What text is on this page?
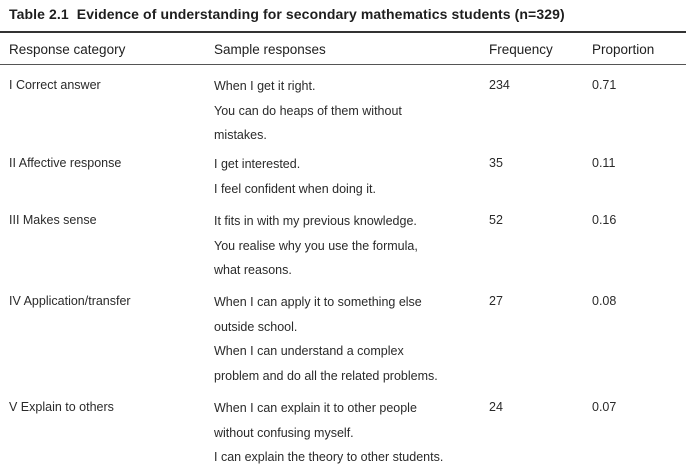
Table 2.1 Evidence of understanding for secondary mathematics students (n=329)
Response category	Sample responses	Frequency	Proportion
I Correct answer	When I get it right.
You can do heaps of them without
mistakes.
234	0.71
II Affective response	I get interested.
I feel confident when doing it.
35	0.11
III Makes sense	It fits in with my previous knowledge.
You realise why you use the formula,
what reasons.
52	0.16
IV Application/transfer	When I can apply it to something else
outside school.
When I can understand a complex
problem and do all the related problems.
27	0.08
V Explain to others	When I can explain it to other people
without confusing myself.
I can explain the theory to other students.
24	0.07
